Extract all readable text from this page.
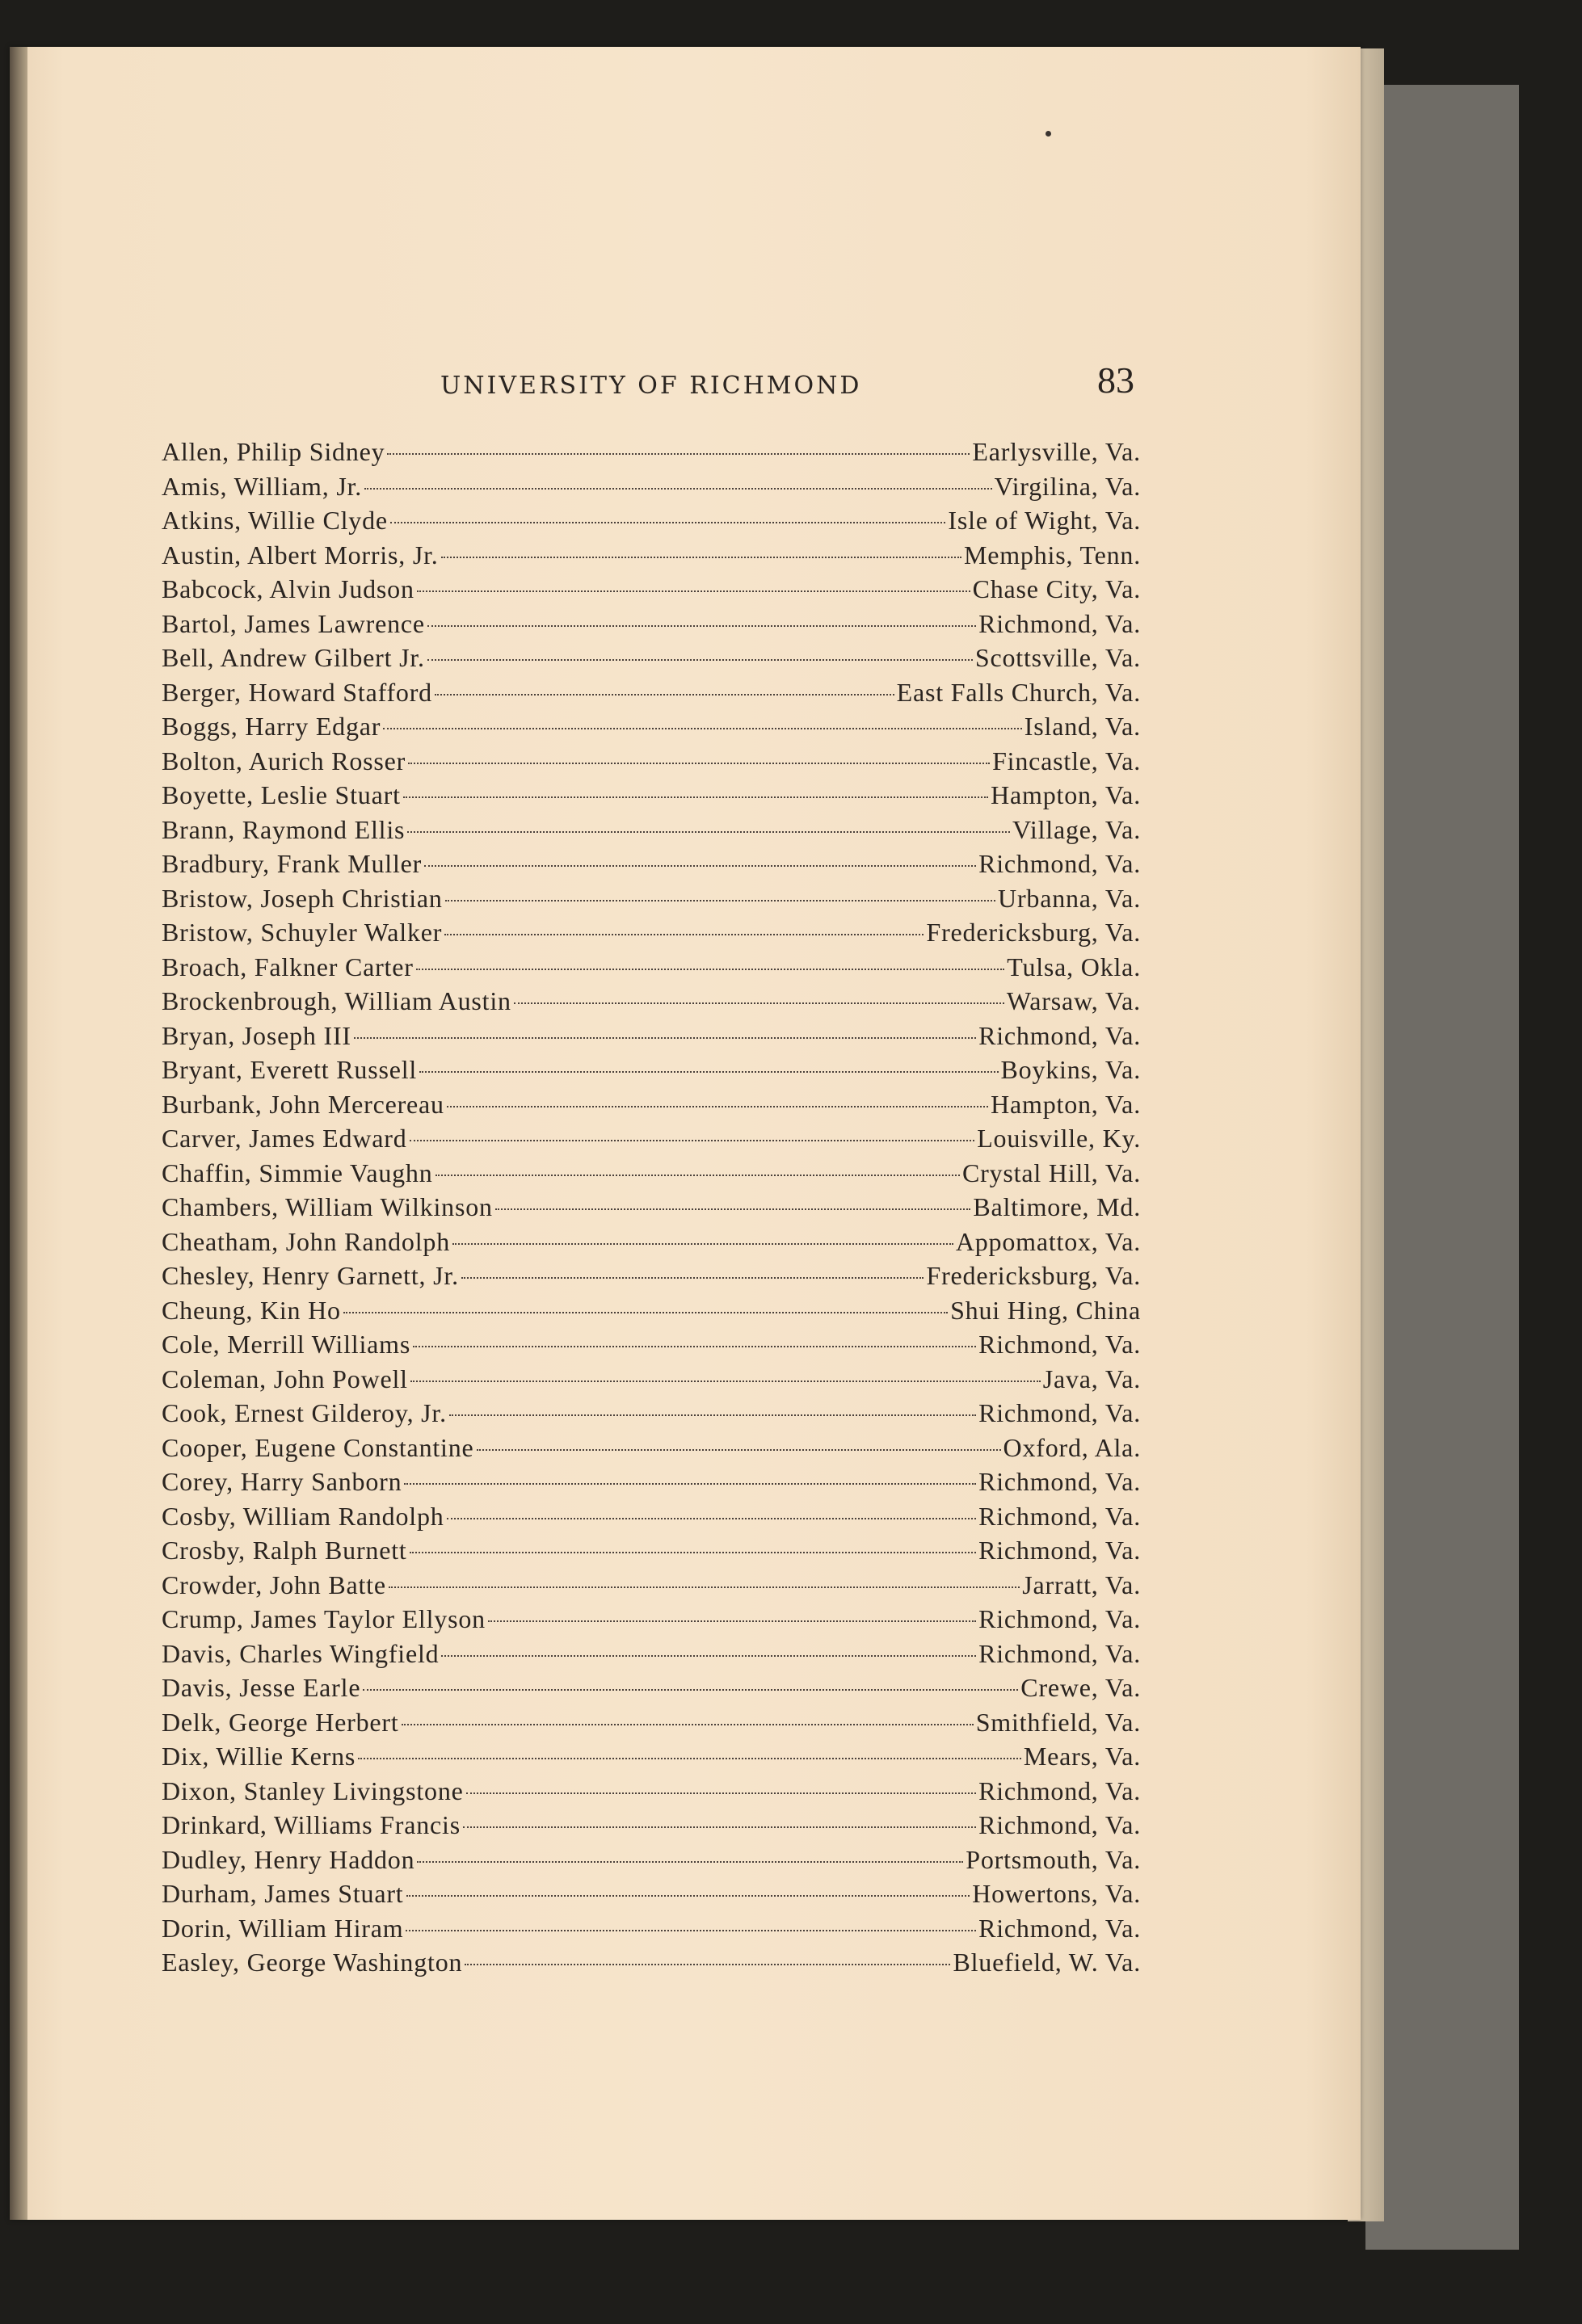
UNIVERSITY OF RICHMOND	83
Allen, Philip Sidney	Earlysville, Va.
Amis, William, Jr.	Virgilina, Va.
Atkins, Willie Clyde	Isle of Wight, Va.
Austin, Albert Morris, Jr.	Memphis, Tenn.
Babcock, Alvin Judson	Chase City, Va.
Bartol, James Lawrence	Richmond, Va.
Bell, Andrew Gilbert Jr.	Scottsville, Va.
Berger, Howard Stafford	East Falls Church, Va.
Boggs, Harry Edgar	Island, Va.
Bolton, Aurich Rosser	Fincastle, Va.
Boyette, Leslie Stuart	Hampton, Va.
Brann, Raymond Ellis	Village, Va.
Bradbury, Frank Muller	Richmond, Va.
Bristow, Joseph Christian	Urbanna, Va.
Bristow, Schuyler Walker	Fredericksburg, Va.
Broach, Falkner Carter	Tulsa, Okla.
Brockenbrough, William Austin	Warsaw, Va.
Bryan, Joseph III	Richmond, Va.
Bryant, Everett Russell	Boykins, Va.
Burbank, John Mercereau	Hampton, Va.
Carver, James Edward	Louisville, Ky.
Chaffin, Simmie Vaughn	Crystal Hill, Va.
Chambers, William Wilkinson	Baltimore, Md.
Cheatham, John Randolph	Appomattox, Va.
Chesley, Henry Garnett, Jr.	Fredericksburg, Va.
Cheung, Kin Ho	Shui Hing, China
Cole, Merrill Williams	Richmond, Va.
Coleman, John Powell	Java, Va.
Cook, Ernest Gilderoy, Jr.	Richmond, Va.
Cooper, Eugene Constantine	Oxford, Ala.
Corey, Harry Sanborn	Richmond, Va.
Cosby, William Randolph	Richmond, Va.
Crosby, Ralph Burnett	Richmond, Va.
Crowder, John Batte	Jarratt, Va.
Crump, James Taylor Ellyson	Richmond, Va.
Davis, Charles Wingfield	Richmond, Va.
Davis, Jesse Earle	Crewe, Va.
Delk, George Herbert	Smithfield, Va.
Dix, Willie Kerns	Mears, Va.
Dixon, Stanley Livingstone	Richmond, Va.
Drinkard, Williams Francis	Richmond, Va.
Dudley, Henry Haddon	Portsmouth, Va.
Durham, James Stuart	Howertons, Va.
Dorin, William Hiram	Richmond, Va.
Easley, George Washington	Bluefield, W. Va.
